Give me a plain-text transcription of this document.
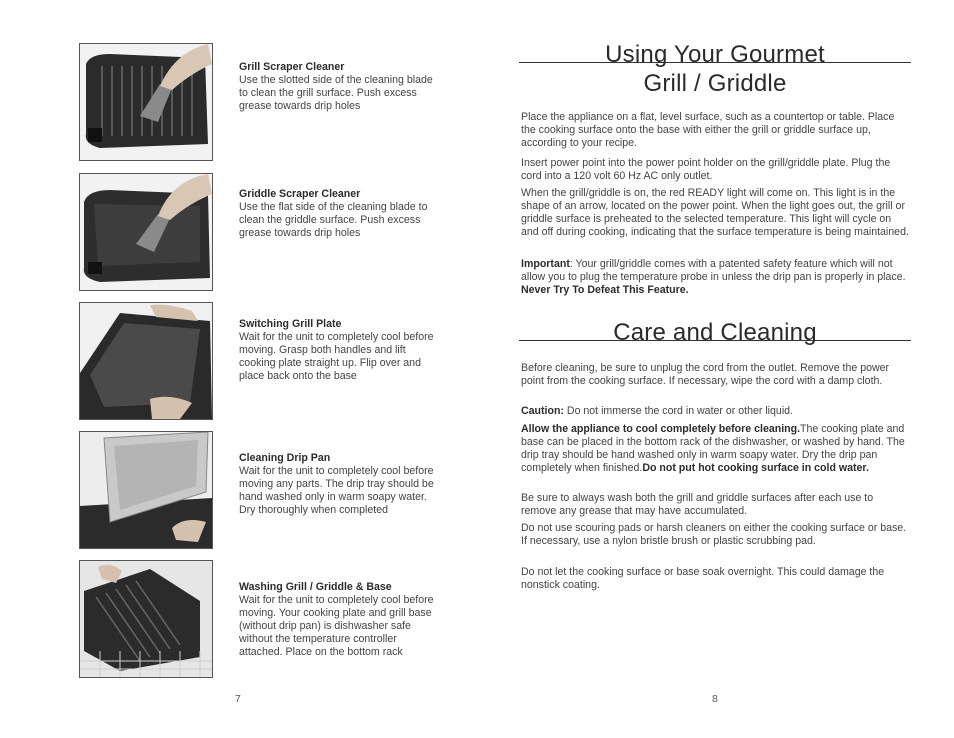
Grill Scraper Cleaner
Use the slotted side of the cleaning blade to clean the grill surface. Push excess grease towards drip holes
Griddle Scraper Cleaner
Use the flat side of the cleaning blade to clean the griddle surface. Push excess grease towards drip holes
Switching Grill Plate
Wait for the unit to completely cool before moving. Grasp both handles and lift cooking plate straight up. Flip over and place back onto the base
Cleaning Drip Pan
Wait for the unit to completely cool before moving any parts. The drip tray should be hand washed only in warm soapy water. Dry thoroughly when completed
Washing Grill / Griddle & Base
Wait for the unit to completely cool before moving. Your cooking plate and grill base (without drip pan) is dishwasher safe without the temperature controller attached. Place on the bottom rack
7
Using Your Gourmet
Grill / Griddle
Place the appliance on a flat, level surface, such as a countertop or table. Place the cooking surface onto the base with either the grill or griddle surface up, according to your recipe.
Insert power point into the power point holder on the grill/griddle plate. Plug the cord into a 120 volt 60 Hz AC only outlet.
When the grill/griddle is on, the red READY light will come on. This light is in the shape of an arrow, located on the power point. When the light goes out, the grill or griddle surface is preheated to the selected temperature. This light will cycle on and off during cooking, indicating that the surface temperature is being maintained.
Important: Your grill/griddle comes with a patented safety feature which will not allow you to plug the temperature probe in unless the drip pan is properly in place. Never Try To Defeat This Feature.
Care and Cleaning
Before cleaning, be sure to unplug the cord from the outlet. Remove the power point from the cooking surface. If necessary, wipe the cord with a damp cloth.
Caution: Do not immerse the cord in water or other liquid.
Allow the appliance to cool completely before cleaning.The cooking plate and base can be placed in the bottom rack of the dishwasher, or washed by hand. The drip tray should be hand washed only in warm soapy water. Dry the drip pan completely when finished.Do not put hot cooking surface in cold water.
Be sure to always wash both the grill and griddle surfaces after each use to remove any grease that may have accumulated.
Do not use scouring pads or harsh cleaners on either the cooking surface or base. If necessary, use a nylon bristle brush or plastic scrubbing pad.
Do not let the cooking surface or base soak overnight. This could damage the nonstick coating.
8
